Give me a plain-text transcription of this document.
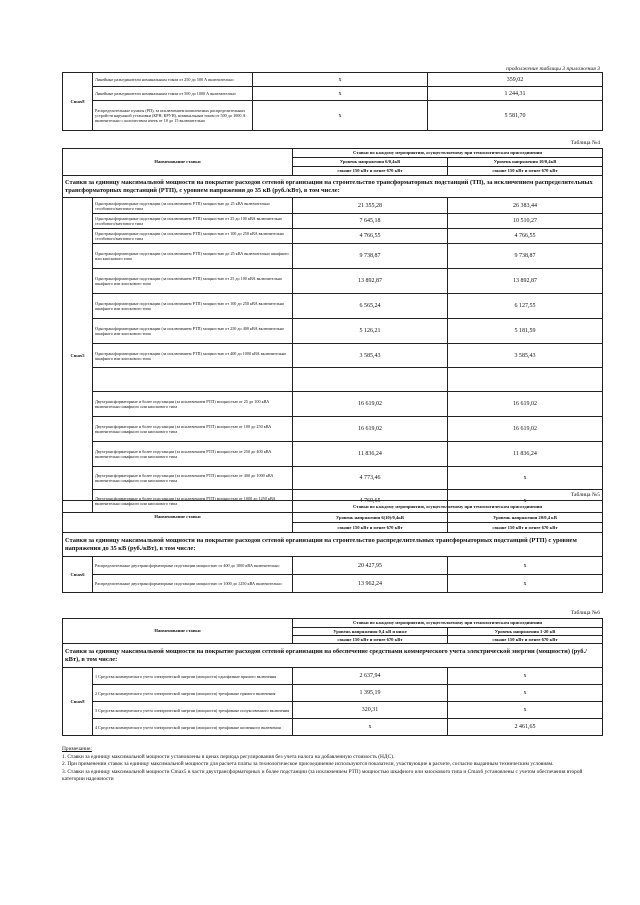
продолжение таблицы 3 приложения 3
Cmax8	Линейные разъединители номинальным током от 250 до 500 А включительно	x	359,02
	Линейные разъединители номинальным током от 500 до 1000 А включительно	x	1 244,31
	Распределительные пункты (РП), за исключением комплектных распределительных устройств наружной установки (КРН, КРУН), номинальным током от 500 до 1000 А включительно с количеством ячеек от 10 до 15 включительно	x	5 581,70
Таблица №4
Наименование ставки		Ставки по каждому мероприятию, осуществляемому при технологическом присоединении	
		Уровень напряжения 6/0,4кВ	Уровень напряжения 10/0,4кВ
		свыше 150 кВт и менее 670 кВт	свыше 150 кВт и менее 670 кВт
Ставки за единицу максимальной мощности на покрытие расходов сетевой организации на строительство трансформаторных подстанций (ТП), за исключением распределительных трансформаторных подстанций (РТП), с уровнем напряжения до 35 кВ (руб./кВт), в том числе:			
Cmax5	Однотрансформаторные подстанции (за исключением РТП) мощностью до 25 кВА включительно столбового/мачтового типа	21 355,28	26 383,44
	Однотрансформаторные подстанции (за исключением РТП) мощностью от 25 до 100 кВА включительно столбового/мачтового типа	7 645,18	10 510,27
	Однотрансформаторные подстанции (за исключением РТП) мощностью от 100 до 250 кВА включительно столбового/мачтового типа	4 766,55	4 766,55
	Однотрансформаторные подстанции (за исключением РТП) мощностью до 25 кВА включительно шкафного или киоскового типа	9 738,87	9 738,87
	Однотрансформаторные подстанции (за исключением РТП) мощностью от 25 до 100 кВА включительно шкафного или киоскового типа	13 892,87	13 892,87
	Однотрансформаторные подстанции (за исключением РТП) мощностью от 100 до 250 кВА включительно шкафного или киоскового типа	6 565,24	6 127,55
	Однотрансформаторные подстанции (за исключением РТП) мощностью от 250 до 400 кВА включительно шкафного или киоскового типа	5 126,21	5 181,59
	Однотрансформаторные подстанции (за исключением РТП) мощностью от 400 до 1000 кВА включительно шкафного или киоскового типа	3 585,43	3 585,43

	Двухтрансформаторные и более подстанции (за исключением РТП) мощностью от 25 до 100 кВА включительно шкафного или киоскового типа	16 619,02	16 619,02
	Двухтрансформаторные и более подстанции (за исключением РТП) мощностью от 100 до 250 кВА включительно шкафного или киоскового типа	16 619,02	16 619,02
	Двухтрансформаторные и более подстанции (за исключением РТП) мощностью от 250 до 400 кВА включительно шкафного или киоскового типа	11 836,24	11 836,24
	Двухтрансформаторные и более подстанции (за исключением РТП) мощностью от 400 до 1000 кВА включительно шкафного или киоскового типа	4 773,46	x
	Двухтрансформаторные и более подстанции (за исключением РТП) мощностью от 1000 до 1250 кВА включительно шкафного или киоскового типа	4 769,65	x
Таблица №5
Наименование ставки		Ставки по каждому мероприятию, осуществляемому при технологическом присоединении	
		Уровень напряжения 6(10)/0,4кВ	Уровень напряжения 20/0,4 кВ
		свыше 150 кВт и менее 670 кВт	свыше 150 кВт и менее 670 кВт
Ставки за единицу максимальной мощности на покрытие расходов сетевой организации на строительство распределительных трансформаторных подстанций (РТП) с уровнем напряжения до 35 кВ (руб./кВт), в том числе:			
Cmax6	Распределительные двухтрансформаторные подстанции мощностью от 400 до 1000 кВА включительно	20 427,95	x
	Распределительные двухтрансформаторные подстанции мощностью от 1000 до 1250 кВА включительно	13 962,24	x
Таблица №6
Наименование ставки		Ставки по каждому мероприятию, осуществляемому при технологическом присоединении	
		Уровень напряжения 0,4 кВ и ниже	Уровень напряжения 1-20 кВ
		свыше 150 кВт и менее 670 кВт	свыше 150 кВт и менее 670 кВт
Ставки за единицу максимальной мощности на покрытие расходов сетевой организации на обеспечение средствами коммерческого учета электрической энергии (мощности) (руб./кВт), в том числе:			
Cmax8	1 Средства коммерческого учета электрической энергии (мощности) однофазные прямого включения	2 637,94	x
	2 Средства коммерческого учета электрической энергии (мощности) трехфазные прямого включения	1 395,19	x
	3 Средства коммерческого учета электрической энергии (мощности) трехфазные полукосвенного включения	320,31	x
	4 Средства коммерческого учета электрической энергии (мощности) трехфазные косвенного включения	x	2 461,65
Примечание:
1. Ставки за единицу максимальной мощности установлены в ценах периода регулирования без учета налога на добавленную стоимость (НДС).
2. При применении ставок за единицу максимальной мощности для расчета платы за технологическое присоединение используются показатели, участвующие в расчете, согласно выданным техническим условиям.
3. Ставки за единицу максимальной мощности Cmax5 в части двухтрансформаторных и более подстанции (за исключением РТП) мощностью шкафного или киоскового типа и Cmax6 установлены с учетом обеспечения второй категории надежности
